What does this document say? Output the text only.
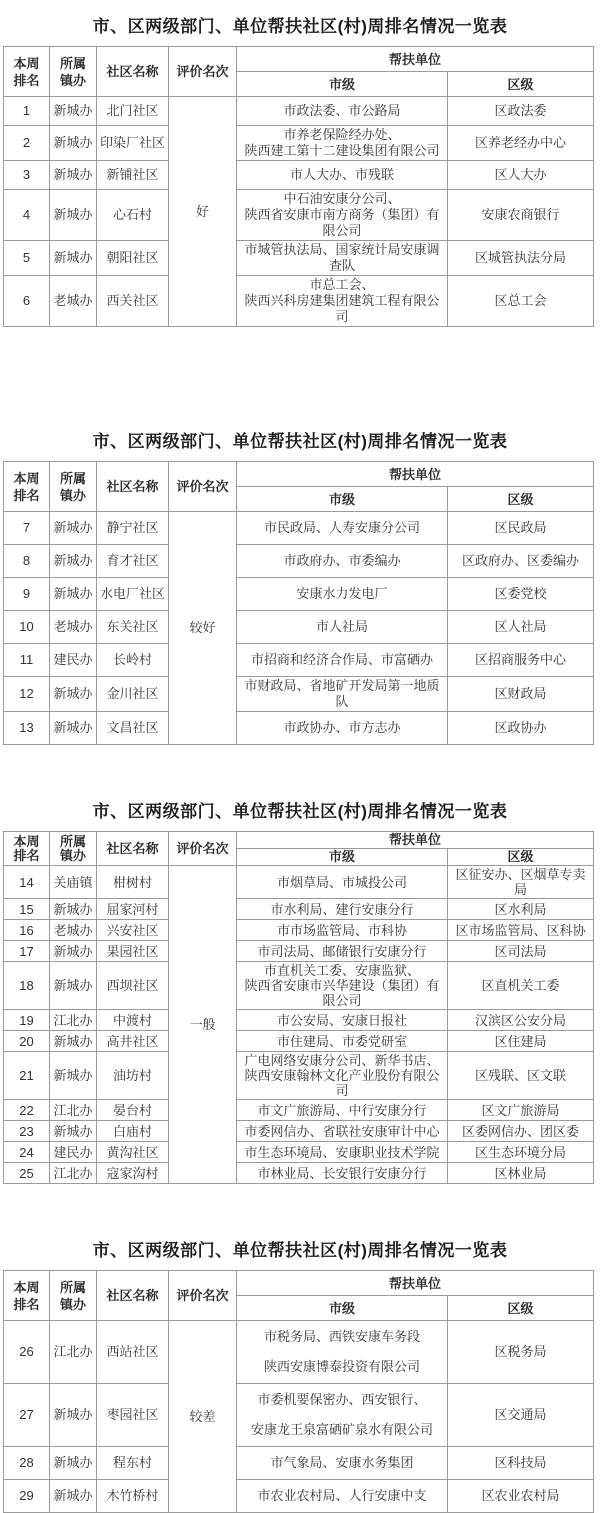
市、区两级部门、单位帮扶社区(村)周排名情况一览表
本周
排名

所属
镇办
	社区名称	评价名次	帮扶单位
				市级	区级
1	新城办	北门社区	好	市政法委、市公路局	区政法委
2	新城办	印染厂社区		市养老保险经办处、
陕西建工第十二建设集团有限公司	区养老经办中心
3	新城办	新铺社区		市人大办、市残联	区人大办
4	新城办	心石村		中石油安康分公司、
陕西省安康市南方商务（集团）有限公司	安康农商银行
5	新城办	朝阳社区		市城管执法局、国家统计局安康调查队	区城管执法分局
6	老城办	西关社区		市总工会、
陕西兴科房建集团建筑工程有限公司	区总工会
市、区两级部门、单位帮扶社区(村)周排名情况一览表
本周
排名

所属
镇办
	社区名称	评价名次	帮扶单位
				市级	区级
7	新城办	静宁社区	较好	市民政局、人寿安康分公司	区民政局
8	新城办	育才社区		市政府办、市委编办	区政府办、区委编办
9	新城办	水电厂社区		安康水力发电厂	区委党校
10	老城办	东关社区		市人社局	区人社局
11	建民办	长岭村		市招商和经济合作局、市富硒办	区招商服务中心
12	新城办	金川社区		市财政局、省地矿开发局第一地质队	区财政局
13	新城办	文昌社区		市政协办、市方志办	区政协办
市、区两级部门、单位帮扶社区(村)周排名情况一览表
本周
排名

所属
镇办	社区名称	评价名次	帮扶单位
				市级	区级
14	关庙镇	柑树村	一般	市烟草局、市城投公司	区征安办、区烟草专卖局
15	新城办	屈家河村		市水利局、建行安康分行	区水利局
16	老城办	兴安社区		市市场监管局、市科协	区市场监管局、区科协
17	新城办	果园社区		市司法局、邮储银行安康分行	区司法局
18	新城办	西坝社区		市直机关工委、安康监狱、
陕西省安康市兴华建设（集团）有限公司	区直机关工委
19	江北办	中渡村		市公安局、安康日报社	汉滨区公安分局
20	新城办	高井社区		市住建局、市委党研室	区住建局
21	新城办	油坊村		广电网络安康分公司、新华书店、
陕西安康翰林文化产业股份有限公司	区残联、区文联
22	江北办	晏台村		市文广旅游局、中行安康分行	区文广旅游局
23	新城办	白庙村		市委网信办、省联社安康审计中心	区委网信办、团区委
24	建民办	黄沟社区		市生态环境局、安康职业技术学院	区生态环境分局
25	江北办	寇家沟村		市林业局、长安银行安康分行	区林业局
市、区两级部门、单位帮扶社区(村)周排名情况一览表
本周
排名

所属
镇办
	社区名称	评价名次	帮扶单位
				市级	区级
26	江北办	西站社区	较差	市税务局、西铁安康车务段
陕西安康博泰投资有限公司	区税务局
27	新城办	枣园社区		市委机要保密办、西安银行、
安康龙王泉富硒矿泉水有限公司	区交通局
28	新城办	程东村		市气象局、安康水务集团	区科技局
29	新城办	木竹桥村		市农业农村局、人行安康中支	区农业农村局
